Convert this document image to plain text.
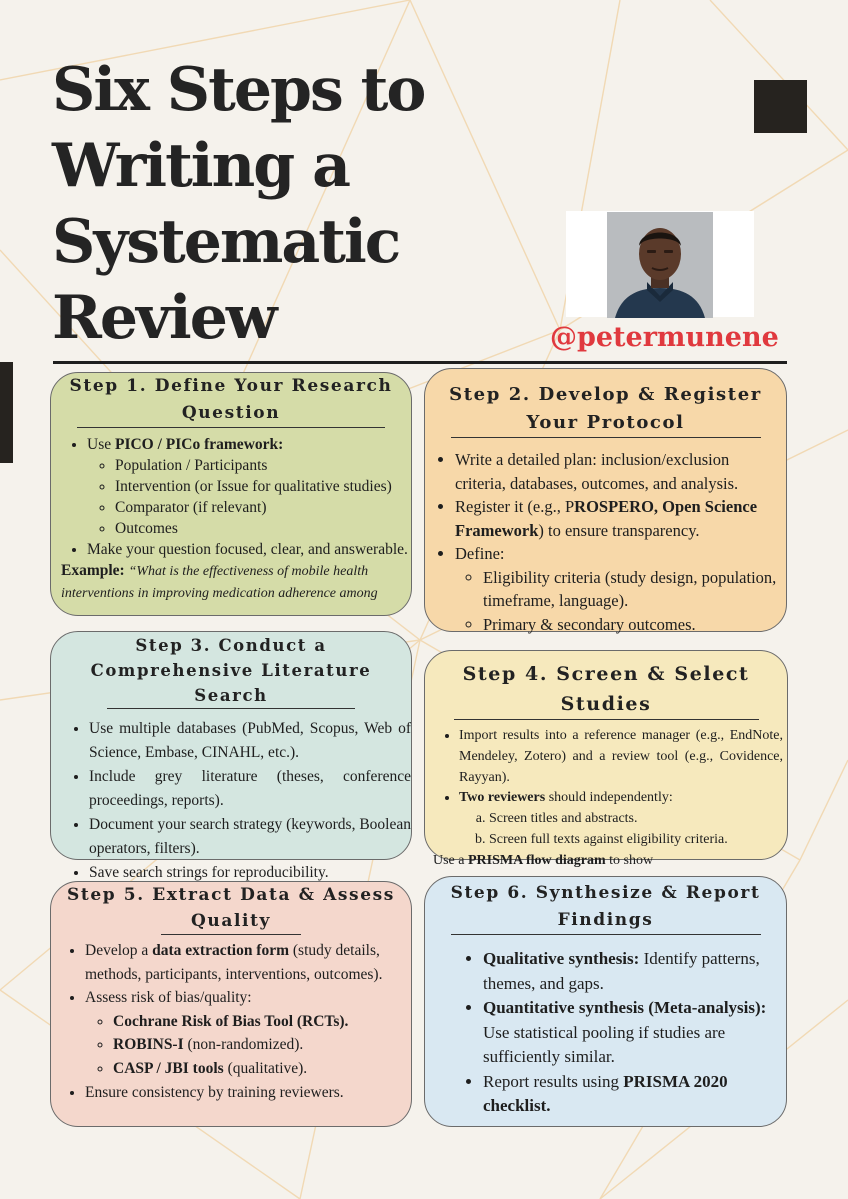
Six Steps to
Writing a
Systematic
Review	@petermunene

Step 1. Define Your Research Question
• Use PICO / PICo framework:
◦ Population / Participants
◦ Intervention (or Issue for qualitative studies)
◦ Comparator (if relevant)
◦ Outcomes
• Make your question focused, clear, and answerable.
Example: “What is the effectiveness of mobile health interventions in improving medication adherence among
Step 2. Develop & Register Your Protocol
• Write a detailed plan: inclusion/exclusion criteria, databases, outcomes, and analysis.
• Register it (e.g., PROSPERO, Open Science Framework) to ensure transparency.
• Define:
◦ Eligibility criteria (study design, population, timeframe, language).
◦ Primary & secondary outcomes.
Step 3. Conduct a Comprehensive Literature Search
• Use multiple databases (PubMed, Scopus, Web of Science, Embase, CINAHL, etc.).
• Include grey literature (theses, conference proceedings, reports).
• Document your search strategy (keywords, Boolean operators, filters).
• Save search strings for reproducibility.
Step 4. Screen & Select Studies
• Import results into a reference manager (e.g., EndNote, Mendeley, Zotero) and a review tool (e.g., Covidence, Rayyan).
• Two reviewers should independently:
a. Screen titles and abstracts.
b. Screen full texts against eligibility criteria.
Use a PRISMA flow diagram to show
Step 5. Extract Data & Assess Quality
• Develop a data extraction form (study details, methods, participants, interventions, outcomes).
• Assess risk of bias/quality:
◦ Cochrane Risk of Bias Tool (RCTs).
◦ ROBINS-I (non-randomized).
◦ CASP / JBI tools (qualitative).
• Ensure consistency by training reviewers.
Step 6. Synthesize & Report Findings
• Qualitative synthesis: Identify patterns, themes, and gaps.
• Quantitative synthesis (Meta-analysis): Use statistical pooling if studies are sufficiently similar.
• Report results using PRISMA 2020 checklist.
